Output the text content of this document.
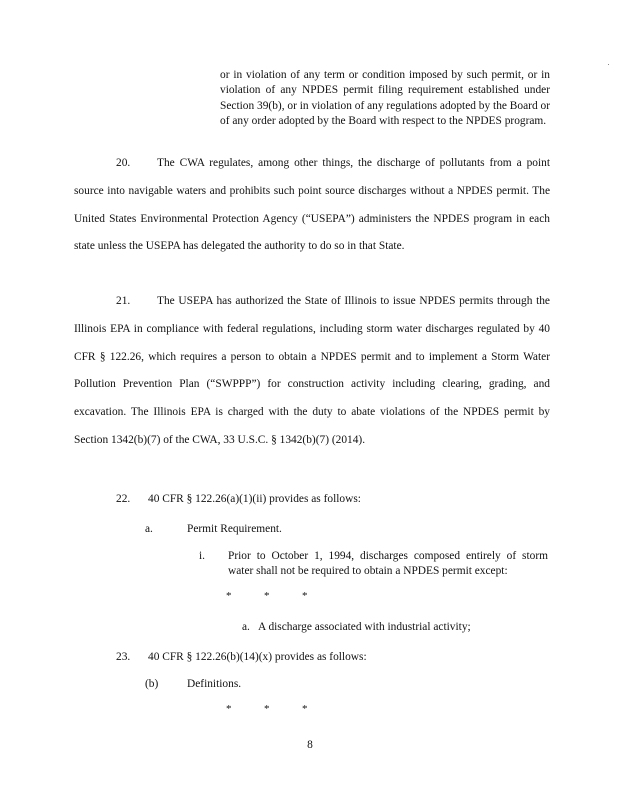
or in violation of any term or condition imposed by such permit, or in violation of any NPDES permit filing requirement established under Section 39(b), or in violation of any regulations adopted by the Board or of any order adopted by the Board with respect to the NPDES program.
20. The CWA regulates, among other things, the discharge of pollutants from a point source into navigable waters and prohibits such point source discharges without a NPDES permit. The United States Environmental Protection Agency (“USEPA”) administers the NPDES program in each state unless the USEPA has delegated the authority to do so in that State.
21. The USEPA has authorized the State of Illinois to issue NPDES permits through the Illinois EPA in compliance with federal regulations, including storm water discharges regulated by 40 CFR § 122.26, which requires a person to obtain a NPDES permit and to implement a Storm Water Pollution Prevention Plan (“SWPPP”) for construction activity including clearing, grading, and excavation. The Illinois EPA is charged with the duty to abate violations of the NPDES permit by Section 1342(b)(7) of the CWA, 33 U.S.C. § 1342(b)(7) (2014).
22. 40 CFR § 122.26(a)(1)(ii) provides as follows:
a.	Permit Requirement.
i. Prior to October 1, 1994, discharges composed entirely of storm water shall not be required to obtain a NPDES permit except:
*	*	*
a. A discharge associated with industrial activity;
23. 40 CFR § 122.26(b)(14)(x) provides as follows:
(b)	Definitions.
*	*	*
8
